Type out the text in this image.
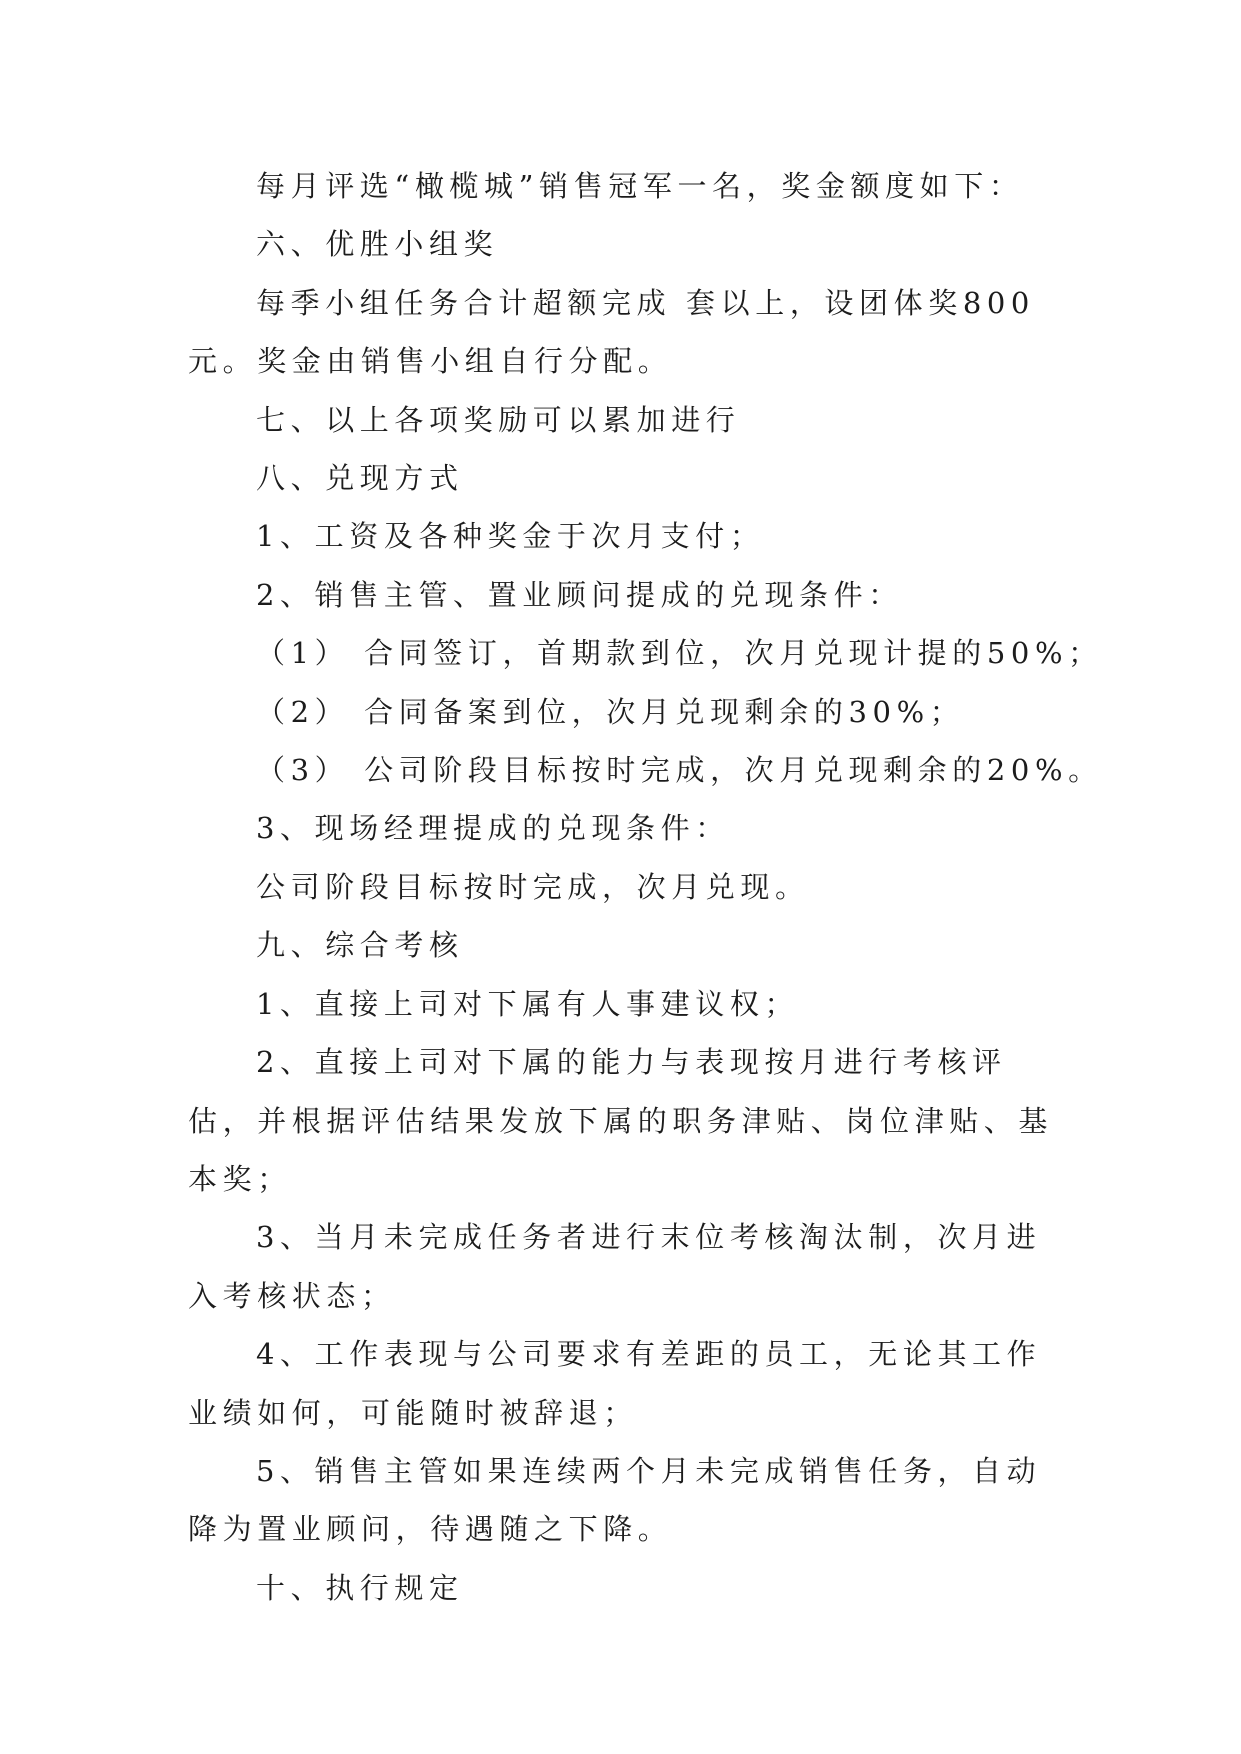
每月评选“橄榄城”销售冠军一名，奖金额度如下：

六、优胜小组奖

每季小组任务合计超额完成 套以上，设团体奖800元。奖金由销售小组自行分配。

七、以上各项奖励可以累加进行

八、兑现方式

1、工资及各种奖金于次月支付；

2、销售主管、置业顾问提成的兑现条件：

（1） 合同签订，首期款到位，次月兑现计提的50%；

（2） 合同备案到位，次月兑现剩余的30%；

（3） 公司阶段目标按时完成，次月兑现剩余的20%。

3、现场经理提成的兑现条件：

公司阶段目标按时完成，次月兑现。

九、综合考核

1、直接上司对下属有人事建议权；

2、直接上司对下属的能力与表现按月进行考核评估，并根据评估结果发放下属的职务津贴、岗位津贴、基本奖；

3、当月未完成任务者进行末位考核淘汰制，次月进入考核状态；

4、工作表现与公司要求有差距的员工，无论其工作业绩如何，可能随时被辞退；

5、销售主管如果连续两个月未完成销售任务，自动降为置业顾问，待遇随之下降。

十、执行规定
